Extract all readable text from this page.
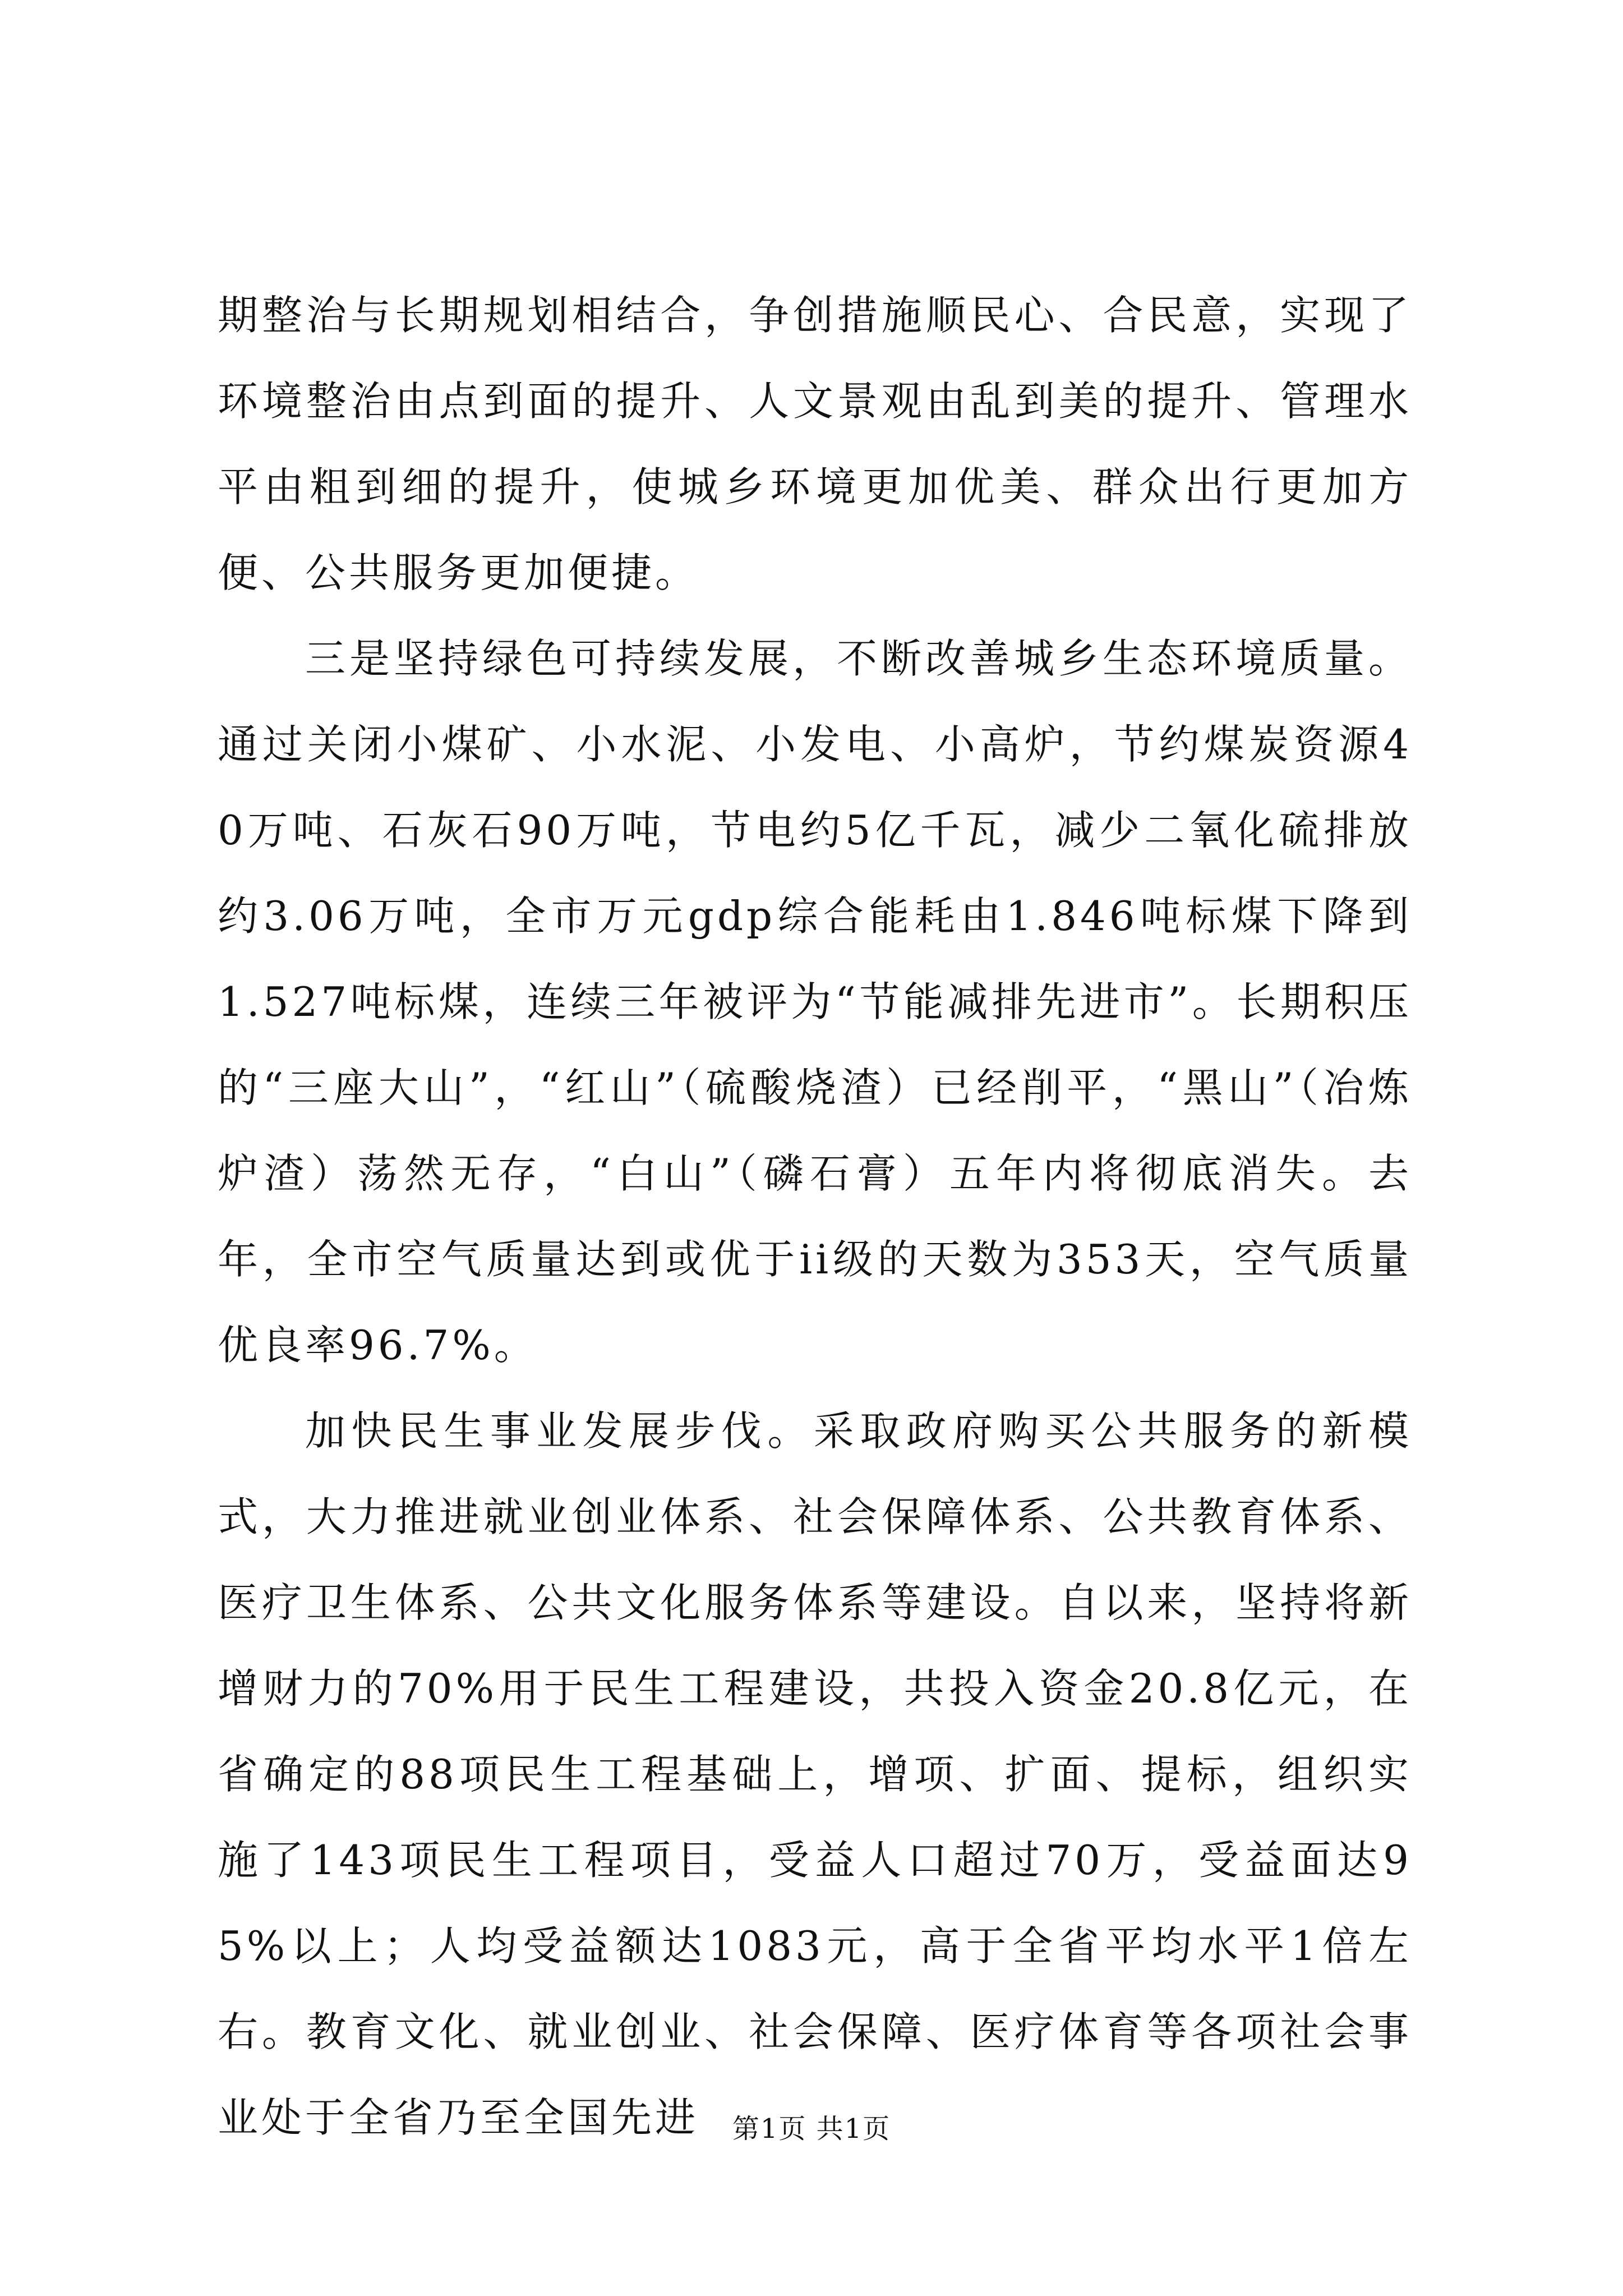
期整治与长期规划相结合，争创措施顺民心、合民意，实现了环境整治由点到面的提升、人文景观由乱到美的提升、管理水平由粗到细的提升，使城乡环境更加优美、群众出行更加方便、公共服务更加便捷。

三是坚持绿色可持续发展，不断改善城乡生态环境质量。通过关闭小煤矿、小水泥、小发电、小高炉，节约煤炭资源40万吨、石灰石90万吨，节电约5亿千瓦，减少二氧化硫排放约3.06万吨，全市万元gdp综合能耗由1.846吨标煤下降到1.527吨标煤，连续三年被评为“节能减排先进市”。长期积压的“三座大山”，“红山”（硫酸烧渣）已经削平，“黑山”（冶炼炉渣）荡然无存，“白山”（磷石膏）五年内将彻底消失。去年，全市空气质量达到或优于ii级的天数为353天，空气质量优良率96.7%。

加快民生事业发展步伐。采取政府购买公共服务的新模式，大力推进就业创业体系、社会保障体系、公共教育体系、医疗卫生体系、公共文化服务体系等建设。自以来，坚持将新增财力的70%用于民生工程建设，共投入资金20.8亿元，在省确定的88项民生工程基础上，增项、扩面、提标，组织实施了143项民生工程项目，受益人口超过70万，受益面达95%以上；人均受益额达1083元，高于全省平均水平1倍左右。教育文化、就业创业、社会保障、医疗体育等各项社会事业处于全省乃至全国先进	第1页 共1页
